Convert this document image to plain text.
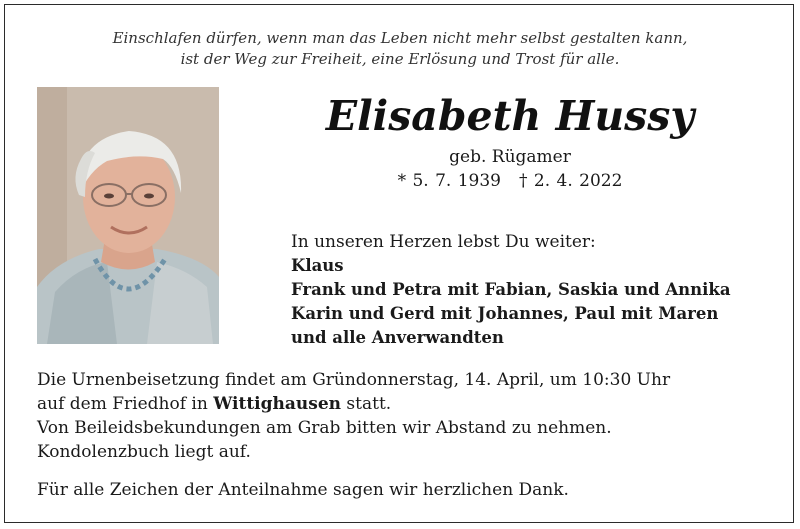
Einschlafen dürfen, wenn man das Leben nicht mehr selbst gestalten kann,
ist der Weg zur Freiheit, eine Erlösung und Trost für alle.
Elisabeth Hussy
geb. Rügamer
* 5. 7. 1939 † 2. 4. 2022
In unseren Herzen lebst Du weiter:
Klaus
Frank und Petra mit Fabian, Saskia und Annika
Karin und Gerd mit Johannes, Paul mit Maren
und alle Anverwandten

Die Urnenbeisetzung findet am Gründonnerstag, 14. April, um 10:30 Uhr

auf dem Friedhof in Wittighausen statt.

Von Beileidsbekundungen am Grab bitten wir Abstand zu nehmen.

Kondolenzbuch liegt auf.

Für alle Zeichen der Anteilnahme sagen wir herzlichen Dank.
